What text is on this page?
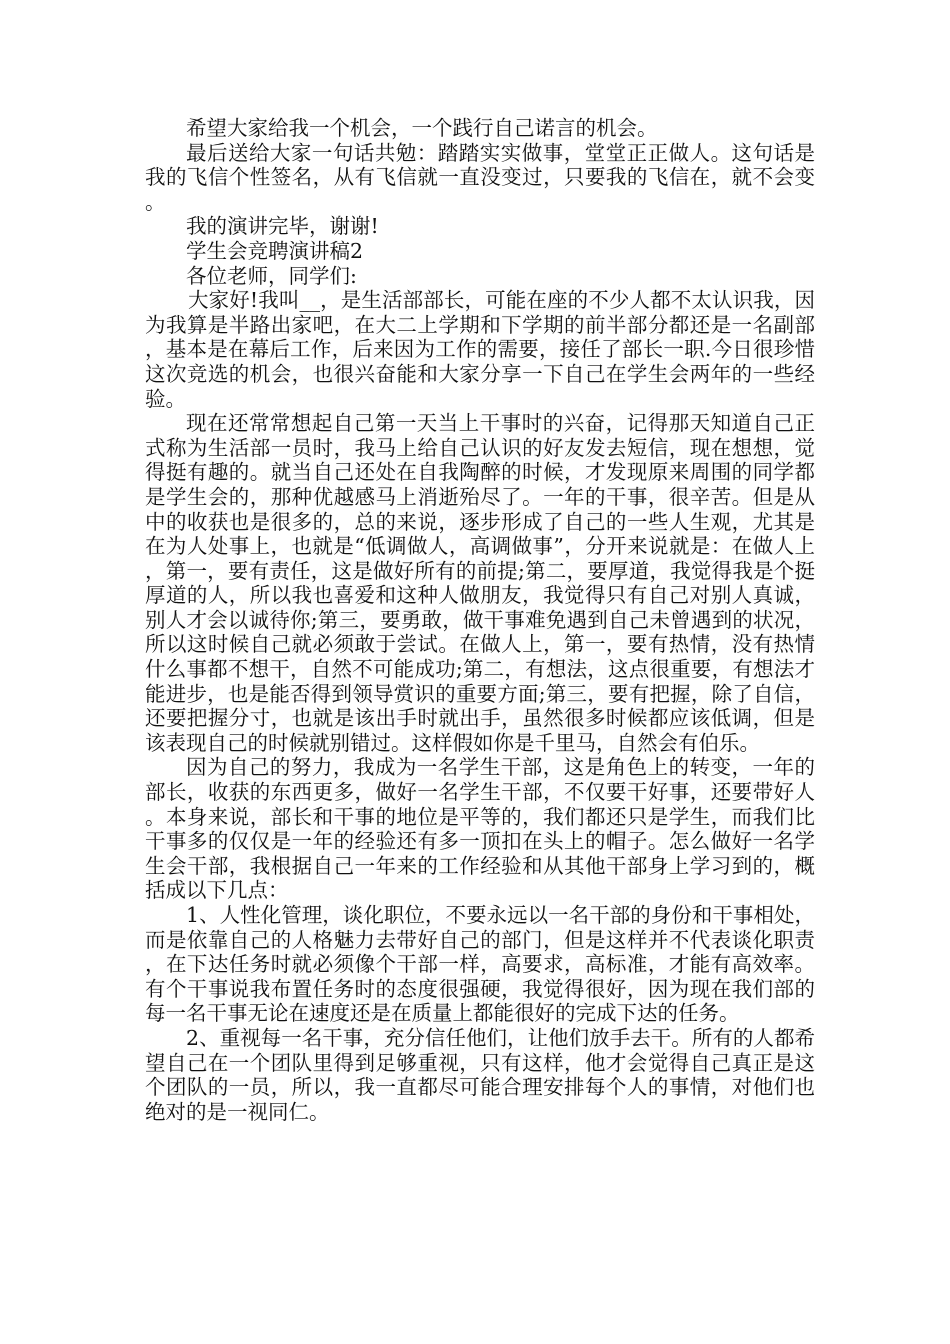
希望大家给我一个机会，一个践行自己诺言的机会。

最后送给大家一句话共勉：踏踏实实做事，堂堂正正做人。这句话是我的飞信个性签名，从有飞信就一直没变过，只要我的飞信在，就不会变。

我的演讲完毕，谢谢!

学生会竞聘演讲稿2

各位老师，同学们:

大家好!我叫__，是生活部部长，可能在座的不少人都不太认识我，因为我算是半路出家吧，在大二上学期和下学期的前半部分都还是一名副部，基本是在幕后工作，后来因为工作的需要，接任了部长一职.今日很珍惜这次竞选的机会，也很兴奋能和大家分享一下自己在学生会两年的一些经验。

现在还常常想起自己第一天当上干事时的兴奋，记得那天知道自己正式称为生活部一员时，我马上给自己认识的好友发去短信，现在想想，觉得挺有趣的。就当自己还处在自我陶醉的时候，才发现原来周围的同学都是学生会的，那种优越感马上消逝殆尽了。一年的干事，很辛苦。但是从中的收获也是很多的，总的来说，逐步形成了自己的一些人生观，尤其是在为人处事上，也就是“低调做人，高调做事”，分开来说就是：在做人上，第一，要有责任，这是做好所有的前提;第二，要厚道，我觉得我是个挺厚道的人，所以我也喜爱和这种人做朋友，我觉得只有自己对别人真诚，别人才会以诚待你;第三，要勇敢，做干事难免遇到自己未曾遇到的状况，所以这时候自己就必须敢于尝试。在做人上，第一，要有热情，没有热情什么事都不想干，自然不可能成功;第二，有想法，这点很重要，有想法才能进步，也是能否得到领导赏识的重要方面;第三，要有把握，除了自信，还要把握分寸，也就是该出手时就出手，虽然很多时候都应该低调，但是该表现自己的时候就别错过。这样假如你是千里马，自然会有伯乐。

因为自己的努力，我成为一名学生干部，这是角色上的转变，一年的部长，收获的东西更多，做好一名学生干部，不仅要干好事，还要带好人。本身来说，部长和干事的地位是平等的，我们都还只是学生，而我们比干事多的仅仅是一年的经验还有多一顶扣在头上的帽子。怎么做好一名学生会干部，我根据自己一年来的工作经验和从其他干部身上学习到的，概括成以下几点：

1、人性化管理，谈化职位，不要永远以一名干部的身份和干事相处，而是依靠自己的人格魅力去带好自己的部门，但是这样并不代表谈化职责，在下达任务时就必须像个干部一样，高要求，高标准，才能有高效率。有个干事说我布置任务时的态度很强硬，我觉得很好，因为现在我们部的每一名干事无论在速度还是在质量上都能很好的完成下达的任务。

2、重视每一名干事，充分信任他们，让他们放手去干。所有的人都希望自己在一个团队里得到足够重视，只有这样，他才会觉得自己真正是这个团队的一员，所以，我一直都尽可能合理安排每个人的事情，对他们也绝对的是一视同仁。
